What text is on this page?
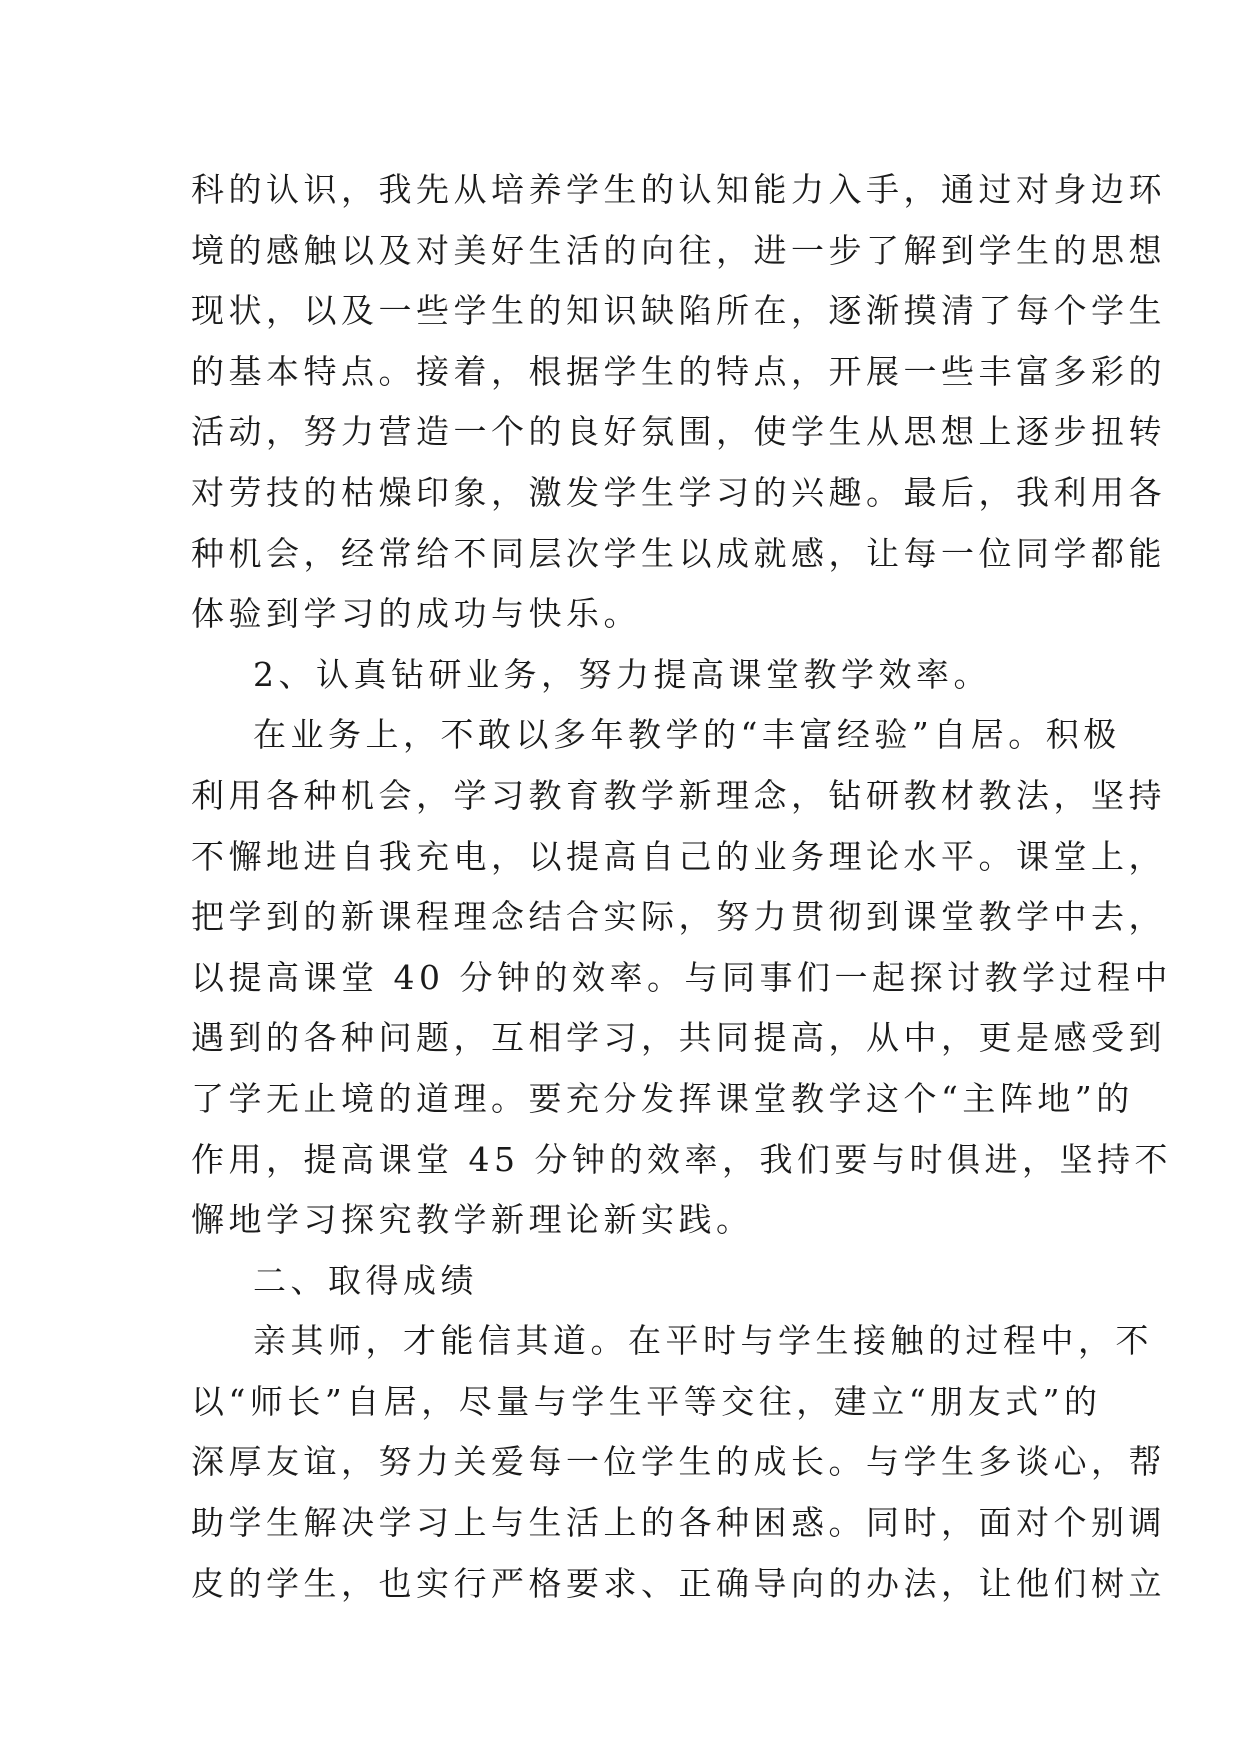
科的认识，我先从培养学生的认知能力入手，通过对身边环
境的感触以及对美好生活的向往，进一步了解到学生的思想
现状，以及一些学生的知识缺陷所在，逐渐摸清了每个学生
的基本特点。接着，根据学生的特点，开展一些丰富多彩的
活动，努力营造一个的良好氛围，使学生从思想上逐步扭转
对劳技的枯燥印象，激发学生学习的兴趣。最后，我利用各
种机会，经常给不同层次学生以成就感，让每一位同学都能
体验到学习的成功与快乐。
2、认真钻研业务，努力提高课堂教学效率。
在业务上，不敢以多年教学的“丰富经验”自居。积极
利用各种机会，学习教育教学新理念，钻研教材教法，坚持
不懈地进自我充电，以提高自己的业务理论水平。课堂上，
把学到的新课程理念结合实际，努力贯彻到课堂教学中去，
以提高课堂 40 分钟的效率。与同事们一起探讨教学过程中
遇到的各种问题，互相学习，共同提高，从中，更是感受到
了学无止境的道理。要充分发挥课堂教学这个“主阵地”的
作用，提高课堂 45 分钟的效率，我们要与时俱进，坚持不
懈地学习探究教学新理论新实践。
二、取得成绩
亲其师，才能信其道。在平时与学生接触的过程中，不
以“师长”自居，尽量与学生平等交往，建立“朋友式”的
深厚友谊，努力关爱每一位学生的成长。与学生多谈心，帮
助学生解决学习上与生活上的各种困惑。同时，面对个别调
皮的学生，也实行严格要求、正确导向的办法，让他们树立
